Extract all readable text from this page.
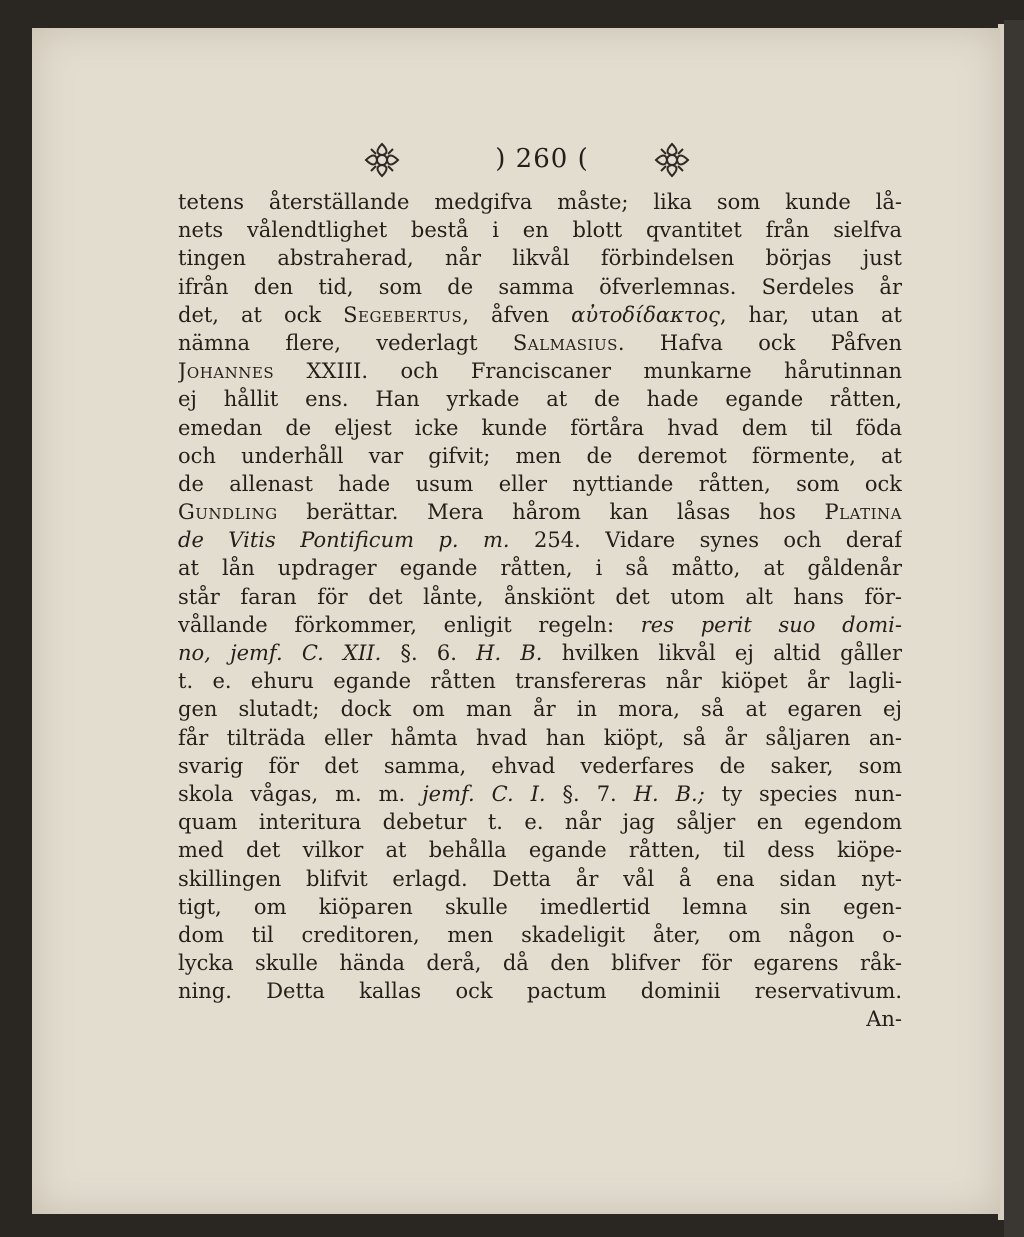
) 260 (
tetens återställande medgifva måste; lika som kunde lå-
nets vålendtlighet bestå i en blott qvantitet från sielfva
tingen abstraherad, når likvål förbindelsen börjas just
ifrån den tid, som de samma öfverlemnas. Serdeles år
det, at ock Segebertus, åfven αὐτοδίδακτος, har, utan at
nämna flere, vederlagt Salmasius. Hafva ock Påfven
Johannes XXIII. och Franciscaner munkarne hårutinnan
ej hållit ens. Han yrkade at de hade egande råtten,
emedan de eljest icke kunde förtåra hvad dem til föda
och underhåll var gifvit; men de deremot förmente, at
de allenast hade usum eller nyttiande råtten, som ock
Gundling berättar. Mera hårom kan låsas hos Platina
de Vitis Pontificum p. m. 254. Vidare synes och deraf
at lån updrager egande råtten, i så måtto, at gåldenår
står faran för det lånte, ånskiönt det utom alt hans för-
vållande förkommer, enligit regeln: res perit suo domi-
no, jemf. C. XII. §. 6. H. B. hvilken likvål ej altid gåller
t. e. ehuru egande råtten transfereras når kiöpet år lagli-
gen slutadt; dock om man år in mora, så at egaren ej
får tilträda eller håmta hvad han kiöpt, så år såljaren an-
svarig för det samma, ehvad vederfares de saker, som
skola vågas, m. m. jemf. C. I. §. 7. H. B.; ty species nun-
quam interitura debetur t. e. når jag såljer en egendom
med det vilkor at behålla egande råtten, til dess kiöpe-
skillingen blifvit erlagd. Detta år vål å ena sidan nyt-
tigt, om kiöparen skulle imedlertid lemna sin egen-
dom til creditoren, men skadeligit åter, om någon o-
lycka skulle hända derå, då den blifver för egarens råk-
ning. Detta kallas ock pactum dominii reservativum.
An-
